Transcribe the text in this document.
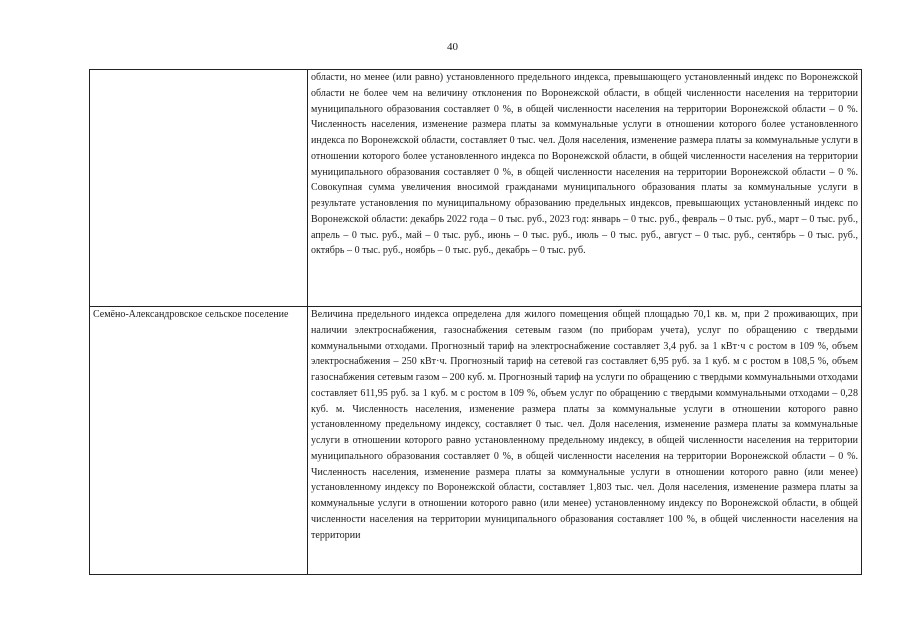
40

	области, но менее (или равно) установленного предельного индекса, превышающего установленный индекс по Воронежской области не более чем на величину отклонения по Воронежской области, в общей численности населения на территории муниципального образования составляет 0 %, в общей численности населения на территории Воронежской области – 0 %. Численность населения, изменение размера платы за коммунальные услуги в отношении которого более установленного индекса по Воронежской области, составляет 0 тыс. чел. Доля населения, изменение размера платы за коммунальные услуги в отношении которого более установленного индекса по Воронежской области, в общей численности населения на территории муниципального образования составляет 0 %, в общей численности населения на территории Воронежской области – 0 %. Совокупная сумма увеличения вносимой гражданами муниципального образования платы за коммунальные услуги в результате установления по муниципальному образованию предельных индексов, превышающих установленный индекс по Воронежской области: декабрь 2022 года – 0 тыс. руб., 2023 год: январь – 0 тыс. руб., февраль – 0 тыс. руб., март – 0 тыс. руб., апрель – 0 тыс. руб., май – 0 тыс. руб., июнь – 0 тыс. руб., июль – 0 тыс. руб., август – 0 тыс. руб., сентябрь – 0 тыс. руб., октябрь – 0 тыс. руб., ноябрь – 0 тыс. руб., декабрь – 0 тыс. руб.

Семёно-Александровское сельское поселение	Величина предельного индекса определена для жилого помещения общей площадью 70,1 кв. м, при 2 проживающих, при наличии электроснабжения, газоснабжения сетевым газом (по приборам учета), услуг по обращению с твердыми коммунальными отходами. Прогнозный тариф на электроснабжение составляет 3,4 руб. за 1 кВт·ч с ростом в 109 %, объем электроснабжения – 250 кВт·ч. Прогнозный тариф на сетевой газ составляет 6,95 руб. за 1 куб. м с ростом в 108,5 %, объем газоснабжения сетевым газом – 200 куб. м. Прогнозный тариф на услуги по обращению с твердыми коммунальными отходами составляет 611,95 руб. за 1 куб. м с ростом в 109 %, объем услуг по обращению с твердыми коммунальными отходами – 0,28 куб. м. Численность населения, изменение размера платы за коммунальные услуги в отношении которого равно установленному предельному индексу, составляет 0 тыс. чел. Доля населения, изменение размера платы за коммунальные услуги в отношении которого равно установленному предельному индексу, в общей численности населения на территории муниципального образования составляет 0 %, в общей численности населения на территории Воронежской области – 0 %. Численность населения, изменение размера платы за коммунальные услуги в отношении которого равно (или менее) установленному индексу по Воронежской области, составляет 1,803 тыс. чел. Доля населения, изменение размера платы за коммунальные услуги в отношении которого равно (или менее) установленному индексу по Воронежской области, в общей численности населения на территории муниципального образования составляет 100 %, в общей численности населения на территории
